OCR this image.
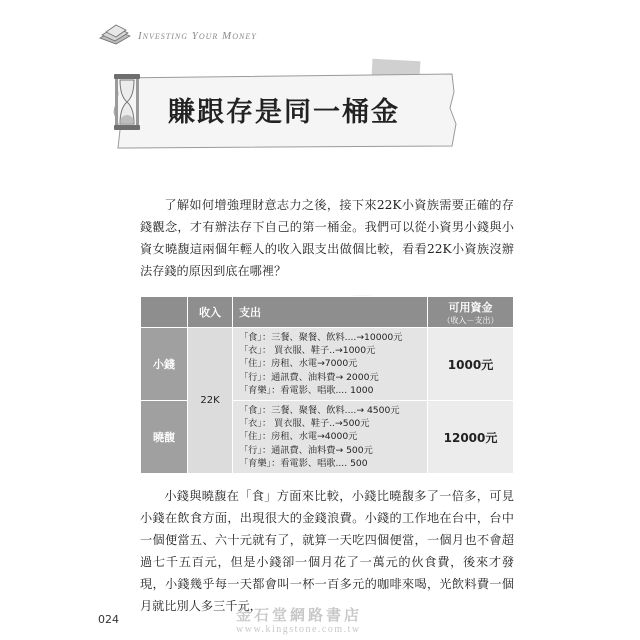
Investing Your Money
賺跟存是同一桶金

了解如何增強理財意志力之後，接下來22K小資族需要正確的存錢觀念，才有辦法存下自己的第一桶金。我們可以從小資男小錢與小資女曉馥這兩個年輕人的收入跟支出做個比較，看看22K小資族沒辦法存錢的原因到底在哪裡？

	收入	支出	可用資金
（收入－支出）

小錢	22K	「食」：三餐、聚餐、飲料....→10000元
「衣」： 買衣服、鞋子..→1000元
「住」：房租、水電→7000元
「行」：通訊費、油料費→ 2000元
「育樂」：看電影、唱歌.... 1000	1000元
曉馥		「食」：三餐、聚餐、飲料....→ 4500元
「衣」： 買衣服、鞋子..→500元
「住」：房租、水電→4000元
「行」：通訊費、油料費→ 500元
「育樂」：看電影、唱歌.... 500	12000元

小錢與曉馥在「食」方面來比較，小錢比曉馥多了一倍多，可見小錢在飲食方面，出現很大的金錢浪費。小錢的工作地在台中，台中一個便當五、六十元就有了，就算一天吃四個便當，一個月也不會超過七千五百元，但是小錢卻一個月花了一萬元的伙食費，後來才發現，小錢幾乎每一天都會叫一杯一百多元的咖啡來喝，光飲料費一個月就比別人多三千元，

024	金石堂網路書店
www.kingstone.com.tw
